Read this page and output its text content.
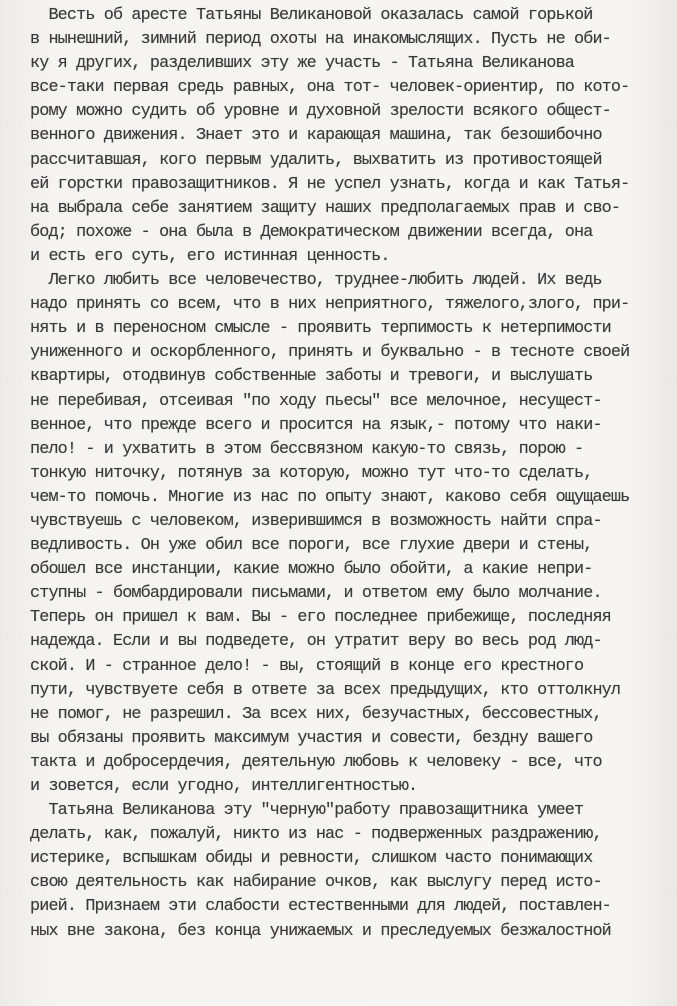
Весть об аресте Татьяны Великановой оказалась самой горькой
в нынешний, зимний период охоты на инакомыслящих. Пусть не оби-
ку я других, разделивших эту же участь - Татьяна Великанова
все-таки первая средь равных, она тот- человек-ориентир, по кото-
рому можно судить об уровне и духовной зрелости всякого общест-
венного движения. Знает это и карающая машина, так безошибочно
рассчитавшая, кого первым удалить, выхватить из противостоящей
ей горстки правозащитников. Я не успел узнать, когда и как Татья-
на выбрала себе занятием защиту наших предполагаемых прав и сво-
бод; похоже - она была в Демократическом движении всегда, она
и есть его суть, его истинная ценность.
Легко любить все человечество, труднее-любить людей. Их ведь
надо принять со всем, что в них неприятного, тяжелого,злого, при-
нять и в переносном смысле - проявить терпимость к нетерпимости
униженного и оскорбленного, принять и буквально - в тесноте своей
квартиры, отодвинув собственные заботы и тревоги, и выслушать
не перебивая, отсеивая "по ходу пьесы" все мелочное, несущест-
венное, что прежде всего и просится на язык,- потому что наки-
пело! - и ухватить в этом бессвязном какую-то связь, порою -
тонкую ниточку, потянув за которую, можно тут что-то сделать,
чем-то помочь. Многие из нас по опыту знают, каково себя ощущаешь
чувствуешь с человеком, изверившимся в возможность найти спра-
ведливость. Он уже обил все пороги, все глухие двери и стены,
обошел все инстанции, какие можно было обойти, а какие непри-
ступны - бомбардировали письмами, и ответом ему было молчание.
Теперь он пришел к вам. Вы - его последнее прибежище, последняя
надежда. Если и вы подведете, он утратит веру во весь род люд-
ской. И - странное дело! - вы, стоящий в конце его крестного
пути, чувствуете себя в ответе за всех предыдущих, кто оттолкнул
не помог, не разрешил. За всех них, безучастных, бессовестных,
вы обязаны проявить максимум участия и совести, бездну вашего
такта и добросердечия, деятельную любовь к человеку - все, что
и зовется, если угодно, интеллигентностью.
Татьяна Великанова эту "черную"работу правозащитника умеет
делать, как, пожалуй, никто из нас - подверженных раздражению,
истерике, вспышкам обиды и ревности, слишком часто понимающих
свою деятельность как набирание очков, как выслугу перед исто-
рией. Признаем эти слабости естественными для людей, поставлен-
ных вне закона, без конца унижаемых и преследуемых безжалостной
